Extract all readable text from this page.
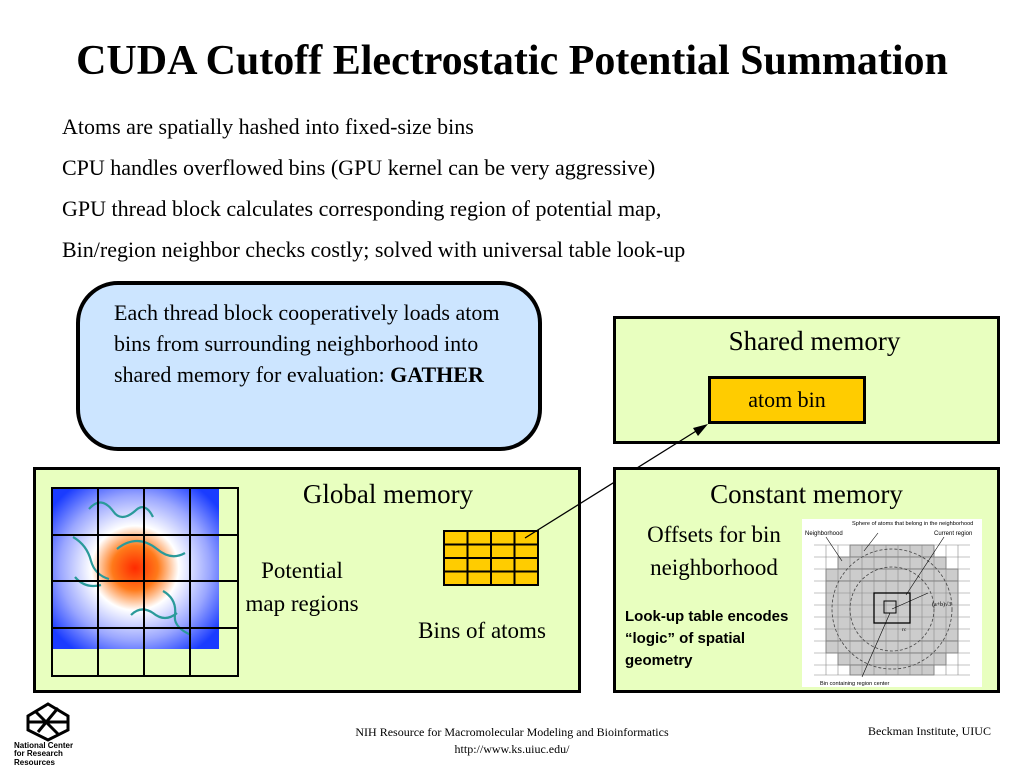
CUDA Cutoff Electrostatic Potential Summation
Atoms are spatially hashed into fixed-size bins
CPU handles overflowed bins (GPU kernel can be very aggressive)
GPU thread block calculates corresponding region of potential map,
Bin/region neighbor checks costly; solved with universal table look-up
Each thread block cooperatively loads atom bins from surrounding neighborhood into shared memory for evaluation: GATHER
Shared memory
atom bin
Global memory
Potential map regions
Bins of atoms
Constant memory
Offsets for bin neighborhood
Look-up table encodes “logic” of spatial geometry
Neighborhood
Sphere of atoms that belong in the neighborhood
Current region
(a+b)√3
rc
Bin containing region center
National Center for Research Resources
NIH Resource for Macromolecular Modeling and Bioinformatics
http://www.ks.uiuc.edu/
Beckman Institute, UIUC
